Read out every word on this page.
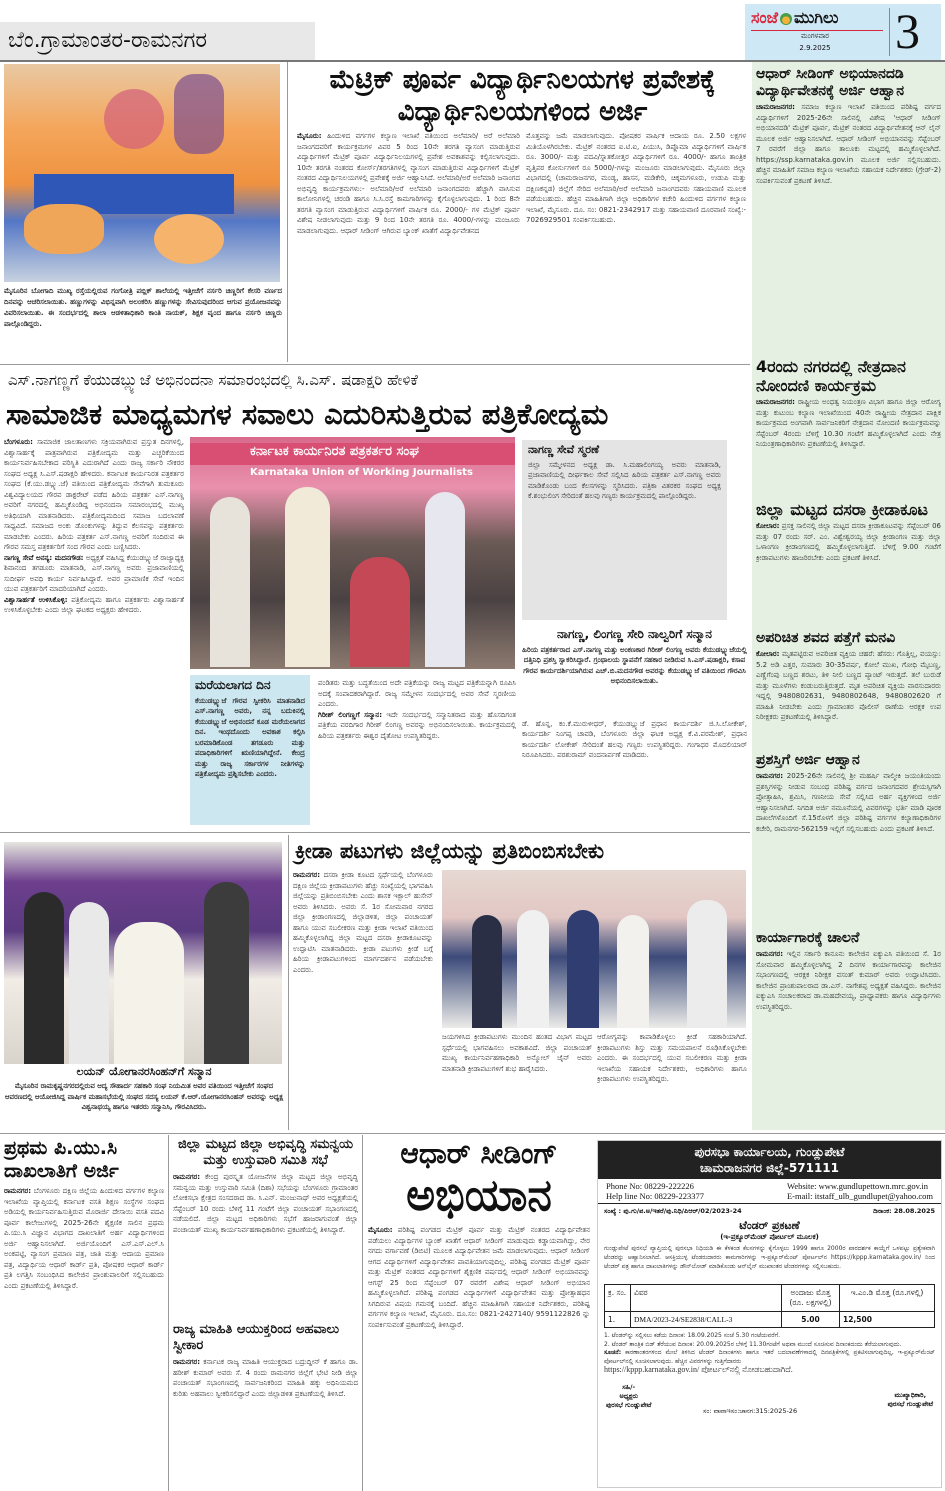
ಬೆಂ.ಗ್ರಾಮಾಂತರ-ರಾಮನಗರ
ಸಂಜೆ ಮುಗಿಲು
ಮಂಗಳವಾರ
2.9.2025	3
ಮೈಸೂರಿನ ಬೋಗಾದಿ ಮುಖ್ಯ ರಸ್ತೆಯಲ್ಲಿರುವ ಗಂಗೋತ್ರಿ ಪಬ್ಲಿಕ್ ಶಾಲೆಯಲ್ಲಿ ಇತ್ತೀಚೆಗೆ ನರ್ಸರಿ ಚಿಣ್ಣರಿಗೆ ಕೇಸರಿ ವರ್ಣದ ದಿನವನ್ನು ಆಚರಿಸಲಾಯಿತು. ಹಣ್ಣುಗಳನ್ನು ವಿಭಿನ್ನವಾಗಿ ಅಲಂಕರಿಸಿ ಹಣ್ಣುಗಳನ್ನು ಸೇವಿಸುವುದರಿಂದ ಆಗುವ ಪ್ರಯೋಜನವನ್ನು ವಿವರಿಸಲಾಯಿತು. ಈ ಸಂದರ್ಭದಲ್ಲಿ ಶಾಲಾ ಆಡಳಿತಾಧಿಕಾರಿ ಕಾಂತಿ ನಾಯಕ್, ಶಿಕ್ಷಕ ವೃಂದ ಹಾಗೂ ನರ್ಸರಿ ಚಿಣ್ಣರು ಪಾಲ್ಗೊಂಡಿದ್ದರು.
ಮೆಟ್ರಿಕ್ ಪೂರ್ವ ವಿದ್ಯಾರ್ಥಿನಿಲಯಗಳ ಪ್ರವೇಶಕ್ಕೆ ವಿದ್ಯಾರ್ಥಿನಿಲಯಗಳಿಂದ ಅರ್ಜಿ
ಮೈಸೂರು: ಹಿಂದುಳಿದ ವರ್ಗಗಳ ಕಲ್ಯಾಣ ಇಲಾಖೆ ವತಿಯಿಂದ ಅಲೆಮಾರಿ/ ಅರೆ ಅಲೆಮಾರಿ ಜನಾಂಗದವರಿಗೆ ಕಾರ್ಯಕ್ರಮಗಳ ವಿವರ 5 ರಿಂದ 10ನೇ ತರಗತಿ ವ್ಯಾಸಂಗ ಮಾಡುತ್ತಿರುವ ವಿದ್ಯಾರ್ಥಿಗಳಿಗೆ ಮೆಟ್ರಿಕ್ ಪೂರ್ವ ವಿದ್ಯಾರ್ಥಿನಿಲಯಗಳಲ್ಲಿ ಪ್ರವೇಶ ಅವಕಾಶವನ್ನು ಕಲ್ಪಿಸಲಾಗುವುದು. 10ನೇ ತರಗತಿ ನಂತರದ ಕೋರ್ಸ್/ತರಗತಿಗಳಲ್ಲಿ ವ್ಯಾಸಂಗ ಮಾಡುತ್ತಿರುವ ವಿದ್ಯಾರ್ಥಿಗಳಿಗೆ ಮೆಟ್ರಿಕ್ ನಂತರದ ವಿದ್ಯಾರ್ಥಿನಿಲಯಗಳಲ್ಲಿ ಪ್ರವೇಶಕ್ಕೆ ಅರ್ಜಿ ಆಹ್ವಾನಿಸಿದೆ. ಅಲೆಮಾರಿ/ಅರೆ ಅಲೆಮಾರಿ ಜನಾಂಗದ ಅಭಿವೃದ್ಧಿ ಕಾರ್ಯಕ್ರಮಗಳು:- ಅಲೆಮಾರಿ/ಅರೆ ಅಲೆಮಾರಿ ಜನಾಂಗದವರು ಹೆಚ್ಚಾಗಿ ವಾಸಿಸುವ ಕಾಲೋನಿಗಳಲ್ಲಿ ಚರಂಡಿ ಹಾಗೂ ಸಿ.ಸಿ.ರಸ್ತೆ ಕಾಮಗಾರಿಗಳನ್ನು ಕೈಗೊಳ್ಳಲಾಗುವುದು. 1 ರಿಂದ 8ನೇ ತರಗತಿ ವ್ಯಾಸಂಗ ಮಾಡುತ್ತಿರುವ ವಿದ್ಯಾರ್ಥಿಗಳಿಗೆ ವಾರ್ಷಿಕ ರೂ. 2000/- ಗಳ ಮೆಟ್ರಿಕ್ ಪೂರ್ವ ವಿಶೇಷ ನೀಡಲಾಗುವುದು ಮತ್ತು 9 ರಿಂದ 10ನೇ ತರಗತಿ ರೂ. 4000/-ಗಳನ್ನು ಮಂಜೂರು ಮಾಡಲಾಗುವುದು. ಆಧಾರ್ ಸೀಡಿಂಗ್ ಆಗಿರುವ ಬ್ಯಾಂಕ್ ಖಾತೆಗೆ ವಿದ್ಯಾರ್ಥಿವೇತನದ
ಮೊತ್ತವನ್ನು ಜಮೆ ಮಾಡಲಾಗುವುದು. ಪೋಷಕರ ವಾರ್ಷಿಕ ಆದಾಯ ರೂ. 2.50 ಲಕ್ಷಗಳ ಮಿತಿಯೊಳಗಿರಬೇಕು. ಮೆಟ್ರಿಕ್ ನಂತರದ ಐ.ಟಿ.ಐ, ಪಿಯುಸಿ, ಡಿಪ್ಲೊಮಾ ವಿದ್ಯಾರ್ಥಿಗಳಿಗೆ ವಾರ್ಷಿಕ ರೂ. 3000/- ಮತ್ತು ಪದವಿ/ಸ್ನಾತಕೋತ್ತರ ವಿದ್ಯಾರ್ಥಿಗಳಿಗೆ ರೂ. 4000/- ಹಾಗೂ ತಾಂತ್ರಿಕ ವೃತ್ತಿಪರ ಕೋರ್ಸುಗಳಿಗೆ ರೂ 5000/-ಗಳನ್ನು ಮಂಜೂರು ಮಾಡಲಾಗುವುದು. ಮೈಸೂರು ಜಿಲ್ಲಾ ವಿಭಾಗದಲ್ಲಿ (ಚಾಮರಾಜನಗರ, ಮಂಡ್ಯ, ಹಾಸನ, ಮಡಿಕೇರಿ, ಚಿಕ್ಕಮಗಳೂರು, ಉಡುಪಿ ಮತ್ತು ದಕ್ಷಿಣಕನ್ನಡ) ಜಿಲ್ಲೆಗೆ ಸೇರಿದ ಅಲೆಮಾರಿ/ಅರೆ ಅಲೆಮಾರಿ ಜನಾಂಗದವರು ಸಹಾಯವಾಣಿ ಮೂಲಕ ಪಡೆಯಬಹುದು. ಹೆಚ್ಚಿನ ಮಾಹಿತಿಗಾಗಿ ಜಿಲ್ಲಾ ಅಧಿಕಾರಿಗಳ ಕಚೇರಿ ಹಿಂದುಳಿದ ವರ್ಗಗಳ ಕಲ್ಯಾಣ ಇಲಾಖೆ, ಮೈಸೂರು. ದೂ. ಸಂ: 0821-2342917 ಮತ್ತು ಸಹಾಯವಾಣಿ ದೂರವಾಣಿ ಸಂಖ್ಯೆ:- 7026929501 ಸಂಪರ್ಕಿಸಬಹುದು.
ಆಧಾರ್ ಸೀಡಿಂಗ್ ಅಭಿಯಾನದಡಿ ವಿದ್ಯಾರ್ಥಿವೇತನಕ್ಕೆ ಅರ್ಜಿ ಆಹ್ವಾನ
ಚಾಮರಾಜನಗರ: ಸಮಾಜ ಕಲ್ಯಾಣ ಇಲಾಖೆ ವತಿಯಿಂದ ಪರಿಶಿಷ್ಟ ವರ್ಗದ ವಿದ್ಯಾರ್ಥಿಗಳಿಗೆ 2025-26ನೇ ಸಾಲಿನಲ್ಲಿ ವಿಶೇಷ 'ಆಧಾರ್ ಸೀಡಿಂಗ್ ಅಭಿಯಾನದಡಿ' ಮೆಟ್ರಿಕ್ ಪೂರ್ವ, ಮೆಟ್ರಿಕ್ ನಂತರದ ವಿದ್ಯಾರ್ಥಿವೇತನಕ್ಕೆ ಆನ್ ಲೈನ್ ಮೂಲಕ ಅರ್ಜಿ ಆಹ್ವಾನಿಸಲಾಗಿದೆ. ಆಧಾರ್ ಸೀಡಿಂಗ್ ಅಭಿಯಾನವನ್ನು ಸೆಪ್ಟೆಂಬರ್ 7 ರವರೆಗೆ ಜಿಲ್ಲಾ ಹಾಗೂ ತಾಲೂಕು ಮಟ್ಟದಲ್ಲಿ ಹಮ್ಮಿಕೊಳ್ಳಲಾಗಿದೆ. https://ssp.karnataka.gov.in ಮೂಲಕ ಅರ್ಜಿ ಸಲ್ಲಿಸಬಹುದು. ಹೆಚ್ಚಿನ ಮಾಹಿತಿಗೆ ಸಮಾಜ ಕಲ್ಯಾಣ ಇಲಾಖೆಯ ಸಹಾಯಕ ನಿರ್ದೇಶಕರು (ಗ್ರೇಡ್-2) ಸಂಪರ್ಕಿಸುವಂತೆ ಪ್ರಕಟಣೆ ತಿಳಿಸಿದೆ.
4ರಂದು ನಗರದಲ್ಲಿ ನೇತ್ರದಾನ ನೋಂದಣಿ ಕಾರ್ಯಕ್ರಮ
ಚಾಮರಾಜನಗರ: ರಾಷ್ಟ್ರೀಯ ಅಂಧತ್ವ ನಿಯಂತ್ರಣ ವಿಭಾಗ ಹಾಗೂ ಜಿಲ್ಲಾ ಆರೋಗ್ಯ ಮತ್ತು ಕುಟುಂಬ ಕಲ್ಯಾಣ ಇಲಾಖೆಯಿಂದ 40ನೇ ರಾಷ್ಟ್ರೀಯ ನೇತ್ರದಾನ ಪಾಕ್ಷಿಕ ಕಾರ್ಯಕ್ರಮದ ಅಂಗವಾಗಿ ಸಾರ್ವಜನಿಕರಿಗೆ ನೇತ್ರದಾನ ನೋಂದಣಿ ಕಾರ್ಯಕ್ರಮವನ್ನು ಸೆಪ್ಟೆಂಬರ್ 4ರಂದು ಬೆಳಿಗ್ಗೆ 10.30 ಗಂಟೆಗೆ ಹಮ್ಮಿಕೊಳ್ಳಲಾಗಿದೆ ಎಂದು ನೇತ್ರ ನಿಯಂತ್ರಣಾಧಿಕಾರಿಗಳು ಪ್ರಕಟಣೆಯಲ್ಲಿ ತಿಳಿಸಿದ್ದಾರೆ.
ಜಿಲ್ಲಾ ಮಟ್ಟದ ದಸರಾ ಕ್ರೀಡಾಕೂಟ
ಕೋಲಾರ: ಪ್ರಸಕ್ತ ಸಾಲಿನಲ್ಲಿ ಜಿಲ್ಲಾ ಮಟ್ಟದ ದಸರಾ ಕ್ರೀಡಾಕೂಟವನ್ನು ಸೆಪ್ಟೆಂಬರ್ 06 ಮತ್ತು 07 ರಂದು ಸರ್. ಎಂ. ವಿಶ್ವೇಶ್ವರಯ್ಯ ಜಿಲ್ಲಾ ಕ್ರೀಡಾಂಗಣ ಮತ್ತು ಜಿಲ್ಲಾ ಒಳಾಂಗಣ ಕ್ರೀಡಾಂಗಣದಲ್ಲಿ ಹಮ್ಮಿಕೊಳ್ಳಲಾಗುತ್ತಿದೆ. ಬೆಳಿಗ್ಗೆ 9.00 ಗಂಟೆಗೆ ಕ್ರೀಡಾಪಟುಗಳು ಹಾಜರಿರಬೇಕು ಎಂದು ಪ್ರಕಟಣೆ ತಿಳಿಸಿದೆ.
ಅಪರಿಚಿತ ಶವದ ಪತ್ತೆಗೆ ಮನವಿ
ಕೋಲಾರ: ಮೃತಪಟ್ಟಿರುವ ಅಪರಿಚಿತ ವ್ಯಕ್ತಿಯ ಚಹರೆ: ಹೆಸರು: ಗೊತ್ತಿಲ್ಲ, ವಯಸ್ಸು: 5.2 ಅಡಿ ಎತ್ತರ, ಸುಮಾರು 30-35ವರ್ಷ, ಕೋಲೆ ಮುಖ, ಗೋಧಿ ಮೈಬಣ್ಣ, ಎಣ್ಣೆಗೆಂಪು ಬಣ್ಣದ ಶರಟು, ತಿಳಿ ನೀಲಿ ಬಣ್ಣದ ಪ್ಯಾಂಟ್ ಇರುತ್ತದೆ. ತಲೆ ಬುರುಡೆ ಮತ್ತು ಮೂಳೆಗಳು ಕಂಡುಬರುತ್ತಿರುತ್ತದೆ. ಮೃತ ಅಪರಿಚಿತ ವ್ಯಕ್ತಿಯ ವಾರಸುದಾರರು ಇದ್ದಲ್ಲಿ 9480802631, 9480802648, 9480802620 ಗೆ ಮಾಹಿತಿ ನೀಡಬೇಕು ಎಂದು ಗ್ರಾಮಾಂತರ ಪೊಲೀಸ್ ಠಾಣೆಯ ಆರಕ್ಷಕ ಉಪ ನಿರೀಕ್ಷಕರು ಪ್ರಕಟಣೆಯಲ್ಲಿ ತಿಳಿಸಿದ್ದಾರೆ.
ಪ್ರಶಸ್ತಿಗೆ ಅರ್ಜಿ ಆಹ್ವಾನ
ರಾಮನಗರ: 2025-26ನೇ ಸಾಲಿನಲ್ಲಿ ಶ್ರೀ ಮಹರ್ಷಿ ವಾಲ್ಮೀಕಿ ಜಯಂತಿಯಂದು ಪ್ರಶಸ್ತಿಗಳನ್ನು ನೀಡುವ ಸಂಬಂಧ ಪರಿಶಿಷ್ಟ ವರ್ಗದ ಜನಾಂಗದವರ ಶ್ರೇಯಸ್ಸಿಗಾಗಿ ಪ್ರೋತ್ಸಾಹಿಸಿ, ಶ್ರಮಿಸಿ, ಗಣನೀಯ ಸೇವೆ ಸಲ್ಲಿಸಿದ ಅರ್ಹ ವ್ಯಕ್ತಿಗಳಿಂದ ಅರ್ಜಿ ಆಹ್ವಾನಿಸಲಾಗಿದೆ. ನಿಗದಿತ ಅರ್ಜಿ ನಮೂನೆಯಲ್ಲಿ ವಿವರಗಳನ್ನು ಭರ್ತಿ ಮಾಡಿ ಪೂರಕ ದಾಖಲೆಗಳೊಂದಿಗೆ ಸೆ.15ರೊಳಗೆ ಜಿಲ್ಲಾ ಪರಿಶಿಷ್ಟ ವರ್ಗಗಳ ಕಲ್ಯಾಣಾಧಿಕಾರಿಗಳ ಕಚೇರಿ, ರಾಮನಗರ-562159 ಇಲ್ಲಿಗೆ ಸಲ್ಲಿಸಬಹುದು ಎಂದು ಪ್ರಕಟಣೆ ತಿಳಿಸಿದೆ.
ಕಾರ್ಯಾಗಾರಕ್ಕೆ ಚಾಲನೆ
ರಾಮನಗರ: ಇಲ್ಲಿನ ಸರ್ಕಾರಿ ಕಾನೂನು ಕಾಲೇಜಿನ ಐಕ್ಯುಎಸಿ ವತಿಯಿಂದ ಸೆ. 1ರ ಸೋಮವಾರ ಹಮ್ಮಿಕೊಳ್ಳಲಾಗಿದ್ದ 2 ದಿನಗಳ ಕಾರ್ಯಾಗಾರವನ್ನು ಕಾಲೇಜಿನ ಸಭಾಂಗಣದಲ್ಲಿ ಆರಕ್ಷಕ ನಿರೀಕ್ಷಕ ವಸಂತ್ ಕುಮಾರ್ ಅವರು ಉದ್ಘಾಟಿಸಿದರು. ಕಾಲೇಜಿನ ಪ್ರಾಂಶುಪಾಲರಾದ ಡಾ.ಎಸ್. ನಾಗೇಶಪ್ಪ ಅಧ್ಯಕ್ಷತೆ ವಹಿಸಿದ್ದರು. ಕಾಲೇಜಿನ ಐಕ್ಯುಎಸಿ ಸಂಚಾಲಕರಾದ ಡಾ.ಮಹದೇವಯ್ಯ, ಪ್ರಾಧ್ಯಾಪಕರು ಹಾಗೂ ವಿದ್ಯಾರ್ಥಿಗಳು ಉಪಸ್ಥಿತರಿದ್ದರು.
ಎಸ್.ನಾಗಣ್ಣಗೆ ಕೆಯುಡಬ್ಲ್ಯುಜೆ ಅಭಿನಂದನಾ ಸಮಾರಂಭದಲ್ಲಿ ಸಿ.ಎಸ್. ಷಡಾಕ್ಷರಿ ಹೇಳಿಕೆ
ಸಾಮಾಜಿಕ ಮಾಧ್ಯಮಗಳ ಸವಾಲು ಎದುರಿಸುತ್ತಿರುವ ಪತ್ರಿಕೋದ್ಯಮ
ಬೆಂಗಳೂರು: ಸಾಮಾಜಿಕ ಜಾಲತಾಣಗಳು ಸಕ್ರಿಯವಾಗಿರುವ ಪ್ರಸ್ತುತ ದಿನಗಳಲ್ಲಿ, ವಿಶ್ವಾಸಾರ್ಹಕ್ಕೆ ಪಾತ್ರವಾಗಿರುವ ಪತ್ರಿಕೋದ್ಯಮ ಮತ್ತು ಎಚ್ಚರಿಕೆಯಿಂದ ಕಾರ್ಯನಿರ್ವಹಿಸಬೇಕಾದ ಪರಿಸ್ಥಿತಿ ಎದುರಾಗಿದೆ ಎಂದು ರಾಜ್ಯ ಸರ್ಕಾರಿ ನೌಕರರ ಸಂಘದ ಅಧ್ಯಕ್ಷ ಸಿ.ಎಸ್.ಷಡಾಕ್ಷರಿ ಹೇಳಿದರು. ಕರ್ನಾಟಕ ಕಾರ್ಯನಿರತ ಪತ್ರಕರ್ತರ ಸಂಘದ (ಕೆ.ಯು.ಡಬ್ಲ್ಯು.ಜೆ) ವತಿಯಿಂದ ಪತ್ರಿಕೋದ್ಯಮ ಸೇವೆಗಾಗಿ ತುಮಕೂರು ವಿಶ್ವವಿದ್ಯಾಲಯದ ಗೌರವ ಡಾಕ್ಟರೇಟ್ ಪಡೆದ ಹಿರಿಯ ಪತ್ರಕರ್ತ ಎಸ್.ನಾಗಣ್ಣ ಅವರಿಗೆ ನಗರದಲ್ಲಿ ಹಮ್ಮಿಕೊಂಡಿದ್ದ ಅಭಿನಂದನಾ ಸಮಾರಂಭದಲ್ಲಿ ಮುಖ್ಯ ಅತಿಥಿಯಾಗಿ ಮಾತನಾಡಿದರು. ಪತ್ರಿಕೋದ್ಯಮದಿಂದ ಸಮಾಜ ಬದಲಾವಣೆ ಸಾಧ್ಯವಿದೆ. ಸಮಾಜದ ಅಂಕು ಡೊಂಕುಗಳನ್ನು ತಿದ್ದುವ ಕೆಲಸವನ್ನು ಪತ್ರಕರ್ತರು ಮಾಡಬೇಕು ಎಂದರು. ಹಿರಿಯ ಪತ್ರಕರ್ತ ಎಸ್.ನಾಗಣ್ಣ ಅವರಿಗೆ ಸಂದಿರುವ ಈ ಗೌರವ ಸಮಸ್ತ ಪತ್ರಕರ್ತರಿಗೆ ಸಂದ ಗೌರವ ಎಂದು ಬಣ್ಣಿಸಿದರು.
ನಾಗಣ್ಣ ಸೇವೆ ಅನನ್ಯ: ಮದನಗೌಡ: ಅಧ್ಯಕ್ಷತೆ ವಹಿಸಿದ್ದ ಕೆಯುಡಬ್ಲ್ಯುಜೆ ರಾಜ್ಯಾಧ್ಯಕ್ಷ ಶಿವಾನಂದ ತಗಡೂರು ಮಾತನಾಡಿ, ಎಸ್.ನಾಗಣ್ಣ ಅವರು ಪ್ರಜಾವಾಣಿಯಲ್ಲಿ ಸುದೀರ್ಘ ಅವಧಿ ಕಾರ್ಯ ನಿರ್ವಹಿಸಿದ್ದಾರೆ. ಅವರ ಪ್ರಾಮಾಣಿಕ ಸೇವೆ ಇಂದಿನ ಯುವ ಪತ್ರಕರ್ತರಿಗೆ ಮಾದರಿಯಾಗಿದೆ ಎಂದರು.
ವಿಶ್ವಾಸಾರ್ಹತೆ ಉಳಿಸಿಕೊಳ್ಳಿ: ಪತ್ರಿಕೋದ್ಯಮ ಹಾಗೂ ಪತ್ರಕರ್ತರು ವಿಶ್ವಾಸಾರ್ಹತೆ ಉಳಿಸಿಕೊಳ್ಳಬೇಕು ಎಂದು ಜಿಲ್ಲಾ ಘಟಕದ ಅಧ್ಯಕ್ಷರು ಹೇಳಿದರು.
ಕರ್ನಾಟಕ ಕಾರ್ಯನಿರತ ಪತ್ರಕರ್ತರ ಸಂಘ
Karnataka Union of Working Journalists
ನಾಗಣ್ಣ ಸೇವೆ ಸ್ಮರಣೆ
ಜಿಲ್ಲಾ ಸಮ್ಮೇಳನದ ಅಧ್ಯಕ್ಷ ಡಾ. ಸಿ.ಮಹಾಲಿಂಗಯ್ಯ ಅವರು ಮಾತನಾಡಿ, ಪ್ರಜಾವಾಣಿಯಲ್ಲಿ ದೀರ್ಘಕಾಲ ಸೇವೆ ಸಲ್ಲಿಸಿದ ಹಿರಿಯ ಪತ್ರಕರ್ತ ಎಸ್.ನಾಗಣ್ಣ ಅವರು ಮಾಡಿಕೊಂಡು ಬಂದ ಕೆಲಸಗಳನ್ನು ಸ್ಮರಿಸಿದರು. ಪತ್ರಿಕಾ ವಿತರಕರ ಸಂಘದ ಅಧ್ಯಕ್ಷ ಕೆ.ಶಂಭುಲಿಂಗ ಸೇರಿದಂತೆ ಹಲವು ಗಣ್ಯರು ಕಾರ್ಯಕ್ರಮದಲ್ಲಿ ಪಾಲ್ಗೊಂಡಿದ್ದರು.
ನಾಗಣ್ಣ, ಲಿಂಗಣ್ಣ ಸೇರಿ ನಾಲ್ವರಿಗೆ ಸನ್ಮಾನ
ಹಿರಿಯ ಪತ್ರಕರ್ತರಾದ ಎಸ್.ನಾಗಣ್ಣ ಮತ್ತು ಅಂಕಣಕಾರ ಗಿರೀಶ್ ಲಿಂಗಣ್ಣ ಅವರು ಕೆಯುಡಬ್ಲ್ಯುಜೆಯಲ್ಲಿ ದತ್ತಿನಿಧಿ ಪ್ರಶಸ್ತಿ ಸ್ವಾಕರಿಸಿದ್ದಾರೆ. ಗ್ರಂಥಾಲಯ ಸ್ಥಾಪನೆಗೆ ಸಹಕಾರ ನೀಡಿರುವ ಸಿ.ಎಸ್.ಷಡಾಕ್ಷರಿ, ಕಸಾಪ ಗೌರವ ಕಾರ್ಯದರ್ಶಿಯಾಗಿರುವ ಎಚ್.ಬಿ.ಮದನಗೌಡ ಅವರನ್ನು ಕೆಯುಡಬ್ಲ್ಯುಜೆ ವತಿಯಿಂದ ಗೌರವಿಸಿ ಅಭಿನಂದಿಸಲಾಯಿತು.
ಡೆ. ಹೊನ್ನ, ಕಂ.ಕೆ.ಮುರುಳೀಧರ್, ಕೆಯುಡಬ್ಲ್ಯುಜೆ ಪ್ರಧಾನ ಕಾರ್ಯದರ್ಶಿ ಜಿ.ಸಿ.ಲೋಕೇಶ್, ಕಾರ್ಯದರ್ಶಿ ನಿಂಗಪ್ಪ ಚಾವಡಿ, ಬೆಂಗಳೂರು ಜಿಲ್ಲಾ ಘಟಕ ಅಧ್ಯಕ್ಷ ಕೆ.ವಿ.ಪರಮೇಶ್, ಪ್ರಧಾನ ಕಾರ್ಯದರ್ಶಿ ಲೋಕೇಶ್ ಸೇರಿದಂತೆ ಹಲವು ಗಣ್ಯರು ಉಪಸ್ಥಿತರಿದ್ದರು. ಗಂಗಾಧರ ಮೊದಲಿಯಾರ್ ನಿರೂಪಿಸಿದರು. ಪರಶುರಾಮ್ ವಂದನಾರ್ಪಣೆ ಮಾಡಿದರು.
ಮರೆಯಲಾಗದ ದಿನ
ಕೆಯುಡಬ್ಲ್ಯುಜೆ ಗೌರವ ಸ್ವೀಕರಿಸಿ ಮಾತನಾಡಿದ ಎಸ್.ನಾಗಣ್ಣ ಅವರು, ನನ್ನ ಬದುಕಿನಲ್ಲಿ ಕೆಯುಡಬ್ಲ್ಯುಜೆ ಅಭಿನಂದನೆ ಕೂಡ ಮರೆಯಲಾಗದ ದಿನ. ಇಂಥದೊಂದು ಅವಕಾಶ ಕಲ್ಪಿಸಿ ಬರಮಾಡಿಕೊಂಡ ತಗಡೂರು ಮತ್ತು ಪದಾಧಿಕಾರಿಗಳಿಗೆ ಋಣಿಯಾಗಿದ್ದೇನೆ. ಕೇಂದ್ರ ಮತ್ತು ರಾಜ್ಯ ಸರ್ಕಾರಗಳ ನೀತಿಗಳನ್ನು ಪತ್ರಿಕೋದ್ಯಮ ಪ್ರಶ್ನಿಸಬೇಕು ಎಂದರು.
ಪಂಡಿತರು ಮತ್ತು ಬದ್ಧತೆಯಿಂದ ಅದೇ ಪತ್ರಿಕೆಯನ್ನು ರಾಜ್ಯ ಮಟ್ಟದ ಪತ್ರಿಕೆಯನ್ನಾಗಿ ರೂಪಿಸಿ ಅದಕ್ಕೆ ಸಂಪಾದಕರಾಗಿದ್ದಾರೆ. ರಾಜ್ಯ ಸಮ್ಮೇಳನ ಸಂದರ್ಭದಲ್ಲಿ ಅವರ ಸೇವೆ ಸ್ಮರಣೀಯ ಎಂದರು.
ಗಿರೀಶ್ ಲಿಂಗಣ್ಣಗೆ ಸನ್ಮಾನ: ಇದೇ ಸಂದರ್ಭದಲ್ಲಿ ಸನ್ಮಾನಿತರಾದ ಮತ್ತು ಹೊಸದಿಗಂತ ಪತ್ರಿಕೆಯ ವರದಿಗಾರ ಗಿರೀಶ್ ಲಿಂಗಣ್ಣ ಅವರನ್ನು ಅಭಿನಂದಿಸಲಾಯಿತು. ಕಾರ್ಯಕ್ರಮದಲ್ಲಿ ಹಿರಿಯ ಪತ್ರಕರ್ತರು ಈಶ್ವರ ದೈತೋಟ ಉಪಸ್ಥಿತರಿದ್ದರು.
ಲಯನ್ ಯೋಗಾನರಸಿಂಹನ್‌ಗೆ ಸನ್ಮಾನ
ಮೈಸೂರಿನ ರಾಮಕೃಷ್ಣನಗರದಲ್ಲಿರುವ ಆದ್ಯ ಸೌಹಾರ್ದ ಸಹಕಾರಿ ಸಂಘ ನಿಯಮಿತ ಅವರ ವತಿಯಿಂದ ಇತ್ತೀಚೆಗೆ ಸಂಘದ ಆವರಣದಲ್ಲಿ ಆಯೋಜಿಸಿದ್ದ ವಾರ್ಷಿಕ ಮಹಾಸಭೆಯಲ್ಲಿ ಸಂಘದ ಸದಸ್ಯ ಲಯನ್ ಕೆ.ಆರ್.ಯೋಗಾನರಸಿಂಹನ್ ಅವರನ್ನು ಅಧ್ಯಕ್ಷ ವಿಶ್ವನಾಥಯ್ಯ ಹಾಗೂ ಇತರರು ಸನ್ಮಾನಿಸಿ, ಗೌರವಿಸಿದರು.
ಕ್ರೀಡಾ ಪಟುಗಳು ಜಿಲ್ಲೆಯನ್ನು ಪ್ರತಿಬಿಂಬಿಸಬೇಕು
ರಾಮನಗರ: ದಸರಾ ಕ್ರೀಡಾ ಕೂಟದ ಸ್ಪರ್ಧೆಯಲ್ಲಿ ಬೆಂಗಳೂರು ದಕ್ಷಿಣ ಜಿಲ್ಲೆಯ ಕ್ರೀಡಾಪಟುಗಳು ಹೆಚ್ಚು ಸಂಖ್ಯೆಯಲ್ಲಿ ಭಾಗವಹಿಸಿ ಜಿಲ್ಲೆಯನ್ನು ಪ್ರತಿಬಿಂಬಿಸಬೇಕು ಎಂದು ಶಾಸಕ ಇಕ್ಬಾಲ್ ಹುಸೇನ್ ಅವರು ತಿಳಿಸಿದರು. ಅವರು ಸೆ. 1ರ ಸೋಮವಾರ ನಗರದ ಜಿಲ್ಲಾ ಕ್ರೀಡಾಂಗಣದಲ್ಲಿ ಜಿಲ್ಲಾಡಳಿತ, ಜಿಲ್ಲಾ ಪಂಚಾಯತ್ ಹಾಗೂ ಯುವ ಸಬಲೀಕರಣ ಮತ್ತು ಕ್ರೀಡಾ ಇಲಾಖೆ ವತಿಯಿಂದ ಹಮ್ಮಿಕೊಳ್ಳಲಾಗಿದ್ದ ಜಿಲ್ಲಾ ಮಟ್ಟದ ದಸರಾ ಕ್ರೀಡಾಕೂಟವನ್ನು ಉದ್ಘಾಟಿಸಿ ಮಾತನಾಡಿದರು. ಕ್ರೀಡಾ ಪಟುಗಳು ಕ್ರೀಡೆ ಬಗ್ಗೆ ಹಿರಿಯ ಕ್ರೀಡಾಪಟುಗಳಿಂದ ಮಾರ್ಗದರ್ಶನ ಪಡೆಯಬೇಕು ಎಂದರು.
ಜಯಗಳಿಸಿದ ಕ್ರೀಡಾಪಟುಗಳು ಮುಂದಿನ ಹಂತದ ವಿಭಾಗ ಮಟ್ಟದ ಸ್ಪರ್ಧೆಯಲ್ಲಿ ಭಾಗವಹಿಸಲು ಅವಕಾಶವಿದೆ. ಜಿಲ್ಲಾ ಪಂಚಾಯತ್ ಮುಖ್ಯ ಕಾರ್ಯನಿರ್ವಹಣಾಧಿಕಾರಿ ಅನ್ಮೋಲ್ ಜೈನ್ ಅವರು ಮಾತನಾಡಿ ಕ್ರೀಡಾಪಟುಗಳಿಗೆ ಶುಭ ಹಾರೈಸಿದರು.
ಆರೋಗ್ಯವನ್ನು ಕಾಪಾಡಿಕೊಳ್ಳಲು ಕ್ರೀಡೆ ಸಹಕಾರಿಯಾಗಿದೆ. ಕ್ರೀಡಾಪಟುಗಳು ಶಿಸ್ತು ಮತ್ತು ಸಮಯಪಾಲನೆ ರೂಢಿಸಿಕೊಳ್ಳಬೇಕು ಎಂದರು. ಈ ಸಂದರ್ಭದಲ್ಲಿ ಯುವ ಸಬಲೀಕರಣ ಮತ್ತು ಕ್ರೀಡಾ ಇಲಾಖೆಯ ಸಹಾಯಕ ನಿರ್ದೇಶಕರು, ಅಧಿಕಾರಿಗಳು ಹಾಗೂ ಕ್ರೀಡಾಪಟುಗಳು ಉಪಸ್ಥಿತರಿದ್ದರು.
ಪ್ರಥಮ ಪಿ.ಯು.ಸಿ ದಾಖಲಾತಿಗೆ ಅರ್ಜಿ
ರಾಮನಗರ: ಬೆಂಗಳೂರು ದಕ್ಷಿಣ ಜಿಲ್ಲೆಯ ಹಿಂದುಳಿದ ವರ್ಗಗಳ ಕಲ್ಯಾಣ ಇಲಾಖೆಯ ವ್ಯಾಪ್ತಿಯಲ್ಲಿ ಕರ್ನಾಟಕ ವಸತಿ ಶಿಕ್ಷಣ ಸಂಸ್ಥೆಗಳ ಸಂಘದ ಅಡಿಯಲ್ಲಿ ಕಾರ್ಯನಿರ್ವಹಿಸುತ್ತಿರುವ ಮೊರಾರ್ಜಿ ದೇಸಾಯಿ ವಸತಿ ಪದವಿ ಪೂರ್ವ ಕಾಲೇಜುಗಳಲ್ಲಿ 2025-26ನೇ ಶೈಕ್ಷಣಿಕ ಸಾಲಿನ ಪ್ರಥಮ ಪಿ.ಯು.ಸಿ ವಿಜ್ಞಾನ ವಿಭಾಗದ ದಾಖಲಾತಿಗೆ ಅರ್ಹ ವಿದ್ಯಾರ್ಥಿಗಳಿಂದ ಅರ್ಜಿ ಆಹ್ವಾನಿಸಲಾಗಿದೆ. ಅರ್ಜಿಯೊಂದಿಗೆ ಎಸ್.ಎಸ್.ಎಲ್.ಸಿ ಅಂಕಪಟ್ಟಿ, ವ್ಯಾಸಂಗ ಪ್ರಮಾಣ ಪತ್ರ, ಜಾತಿ ಮತ್ತು ಆದಾಯ ಪ್ರಮಾಣ ಪತ್ರ, ವಿದ್ಯಾರ್ಥಿಯ ಆಧಾರ್ ಕಾರ್ಡ್ ಪ್ರತಿ, ಪೋಷಕರ ಆಧಾರ್ ಕಾರ್ಡ್ ಪ್ರತಿ ಲಗತ್ತಿಸಿ ಸಂಬಂಧಿಸಿದ ಕಾಲೇಜಿನ ಪ್ರಾಂಶುಪಾಲರಿಗೆ ಸಲ್ಲಿಸಬಹುದು ಎಂದು ಪ್ರಕಟಣೆಯಲ್ಲಿ ತಿಳಿಸಿದ್ದಾರೆ.
ಜಿಲ್ಲಾ ಮಟ್ಟದ ಜಿಲ್ಲಾ ಅಭಿವೃದ್ಧಿ ಸಮನ್ವಯ ಮತ್ತು ಉಸ್ತುವಾರಿ ಸಮಿತಿ ಸಭೆ
ರಾಮನಗರ: ಕೇಂದ್ರ ಪುರಸ್ಕೃತ ಯೋಜನೆಗಳ ಜಿಲ್ಲಾ ಮಟ್ಟದ ಜಿಲ್ಲಾ ಅಭಿವೃದ್ಧಿ ಸಮನ್ವಯ ಮತ್ತು ಉಸ್ತುವಾರಿ ಸಮಿತಿ (ದಿಶಾ) ಸಭೆಯನ್ನು ಬೆಂಗಳೂರು ಗ್ರಾಮಾಂತರ ಲೋಕಸಭಾ ಕ್ಷೇತ್ರದ ಸಂಸದರಾದ ಡಾ. ಸಿ.ಎನ್. ಮಂಜುನಾಥ್ ಅವರ ಅಧ್ಯಕ್ಷತೆಯಲ್ಲಿ ಸೆಪ್ಟೆಂಬರ್ 10 ರಂದು ಬೆಳಿಗ್ಗೆ 11 ಗಂಟೆಗೆ ಜಿಲ್ಲಾ ಪಂಚಾಯತ್ ಸಭಾಂಗಣದಲ್ಲಿ ನಡೆಯಲಿದೆ. ಜಿಲ್ಲಾ ಮಟ್ಟದ ಅಧಿಕಾರಿಗಳು ಸಭೆಗೆ ಹಾಜರಾಗುವಂತೆ ಜಿಲ್ಲಾ ಪಂಚಾಯತ್ ಮುಖ್ಯ ಕಾರ್ಯನಿರ್ವಹಣಾಧಿಕಾರಿಗಳು ಪ್ರಕಟಣೆಯಲ್ಲಿ ತಿಳಿಸಿದ್ದಾರೆ.
ರಾಜ್ಯ ಮಾಹಿತಿ ಆಯುಕ್ತರಿಂದ ಅಹವಾಲು ಸ್ವೀಕಾರ
ರಾಮನಗರ: ಕರ್ನಾಟಕ ರಾಜ್ಯ ಮಾಹಿತಿ ಆಯುಕ್ತರಾದ ಬದ್ರುದ್ದೀನ್ ಕೆ ಹಾಗೂ ಡಾ. ಹರೀಶ್ ಕುಮಾರ್ ಅವರು ಸೆ. 4 ರಂದು ರಾಮನಗರ ಜಿಲ್ಲೆಗೆ ಭೇಟಿ ನೀಡಿ ಜಿಲ್ಲಾ ಪಂಚಾಯತ್ ಸಭಾಂಗಣದಲ್ಲಿ ಸಾರ್ವಜನಿಕರಿಂದ ಮಾಹಿತಿ ಹಕ್ಕು ಅಧಿನಿಯಮದ ಕುರಿತು ಅಹವಾಲು ಸ್ವೀಕರಿಸಲಿದ್ದಾರೆ ಎಂದು ಜಿಲ್ಲಾಡಳಿತ ಪ್ರಕಟಣೆಯಲ್ಲಿ ತಿಳಿಸಿದೆ.
ಆಧಾರ್ ಸೀಡಿಂಗ್
ಅಭಿಯಾನ
ಮೈಸೂರು: ಪರಿಶಿಷ್ಟ ಪಂಗಡದ ಮೆಟ್ರಿಕ್ ಪೂರ್ವ ಮತ್ತು ಮೆಟ್ರಿಕ್ ನಂತರದ ವಿದ್ಯಾರ್ಥಿವೇತನ ಪಡೆಯಲು ವಿದ್ಯಾರ್ಥಿಗಳ ಬ್ಯಾಂಕ್ ಖಾತೆಗೆ ಆಧಾರ್ ಸೀಡಿಂಗ್ ಮಾಡುವುದು ಕಡ್ಡಾಯವಾಗಿದ್ದು, ನೇರ ನಗದು ವರ್ಗಾವಣೆ (ಡಿಬಿಟಿ) ಮೂಲಕ ವಿದ್ಯಾರ್ಥಿವೇತನ ಜಮೆ ಮಾಡಲಾಗುವುದು. ಆಧಾರ್ ಸೀಡಿಂಗ್ ಆಗದ ವಿದ್ಯಾರ್ಥಿಗಳಿಗೆ ವಿದ್ಯಾರ್ಥಿವೇತನ ಪಾವತಿಯಾಗುವುದಿಲ್ಲ. ಪರಿಶಿಷ್ಟ ಪಂಗಡದ ಮೆಟ್ರಿಕ್ ಪೂರ್ವ ಮತ್ತು ಮೆಟ್ರಿಕ್ ನಂತರದ ವಿದ್ಯಾರ್ಥಿಗಳಿಗೆ ಶೈಕ್ಷಣಿಕ ವರ್ಷದಲ್ಲಿ ಆಧಾರ್ ಸೀಡಿಂಗ್ ಅಭಿಯಾನವನ್ನು ಆಗಸ್ಟ್ 25 ರಿಂದ ಸೆಪ್ಟೆಂಬರ್ 07 ರವರೆಗೆ ವಿಶೇಷ ಆಧಾರ್ ಸೀಡಿಂಗ್ ಅಭಿಯಾನ ಹಮ್ಮಿಕೊಳ್ಳಲಾಗಿದೆ. ಪರಿಶಿಷ್ಟ ಪಂಗಡದ ವಿದ್ಯಾರ್ಥಿಗಳಿಗೆ ವಿದ್ಯಾರ್ಥಿವೇತನ ಮತ್ತು ಪ್ರೋತ್ಸಾಹಧನ ಸಿಗದಿರುವ ವಿಷಯ ಗಮನಕ್ಕೆ ಬಂದಿದೆ. ಹೆಚ್ಚಿನ ಮಾಹಿತಿಗಾಗಿ ಸಹಾಯಕ ನಿರ್ದೇಶಕರು, ಪರಿಶಿಷ್ಟ ವರ್ಗಗಳ ಕಲ್ಯಾಣ ಇಲಾಖೆ, ಮೈಸೂರು. ದೂ.ಸಂ: 0821-2427140/ 9591122826 ನ್ನು ಸಂಪರ್ಕಿಸುವಂತೆ ಪ್ರಕಟಣೆಯಲ್ಲಿ ತಿಳಿಸಿದ್ದಾರೆ.
ಪುರಸಭಾ ಕಾರ್ಯಾಲಯ, ಗುಂಡ್ಲುಪೇಟೆ
ಚಾಮರಾಜನಗರ ಜಿಲ್ಲೆ-571111
Phone No: 08229-222226
Help line No: 08229-223377
Website: www.gundlupettown.mrc.gov.in
E-mail: itstaff_ulb_gundlupet@yahoo.com
ಸಂಖ್ಯೆ : ಪು.ಗು/ಪ.ಅ/ಇತರೆ/ಪು.ನಿಧಿ/ಪಿಆರ್/02/2023-24	ದಿನಾಂಕ: 28.08.2025
ಟೆಂಡರ್ ಪ್ರಕಟಣೆ
(ಇ-ಪ್ರಕ್ಯೂರ್‌ಮೆಂಟ್ ಪೋರ್ಟಲ್ ಮೂಲಕ)
ಗುಂಡ್ಲುಪೇಟೆ ಪುರಸಭೆ ವ್ಯಾಪ್ತಿಯಲ್ಲಿ ಪುರಸಭಾ ನಿಧಿಯಡಿ ಈ ಕೆಳಕಂಡ ಕೆಲಸಗಳನ್ನು ಕೈಗೊಳ್ಳಲು 1999 ಹಾಗೂ 2000ರ ಪಾರದರ್ಶಕ ಕಾಯ್ದೆಗೆ ಒಳಪಟ್ಟು ಪ್ರತ್ಯೇಕವಾಗಿ ಟೆಂಡರನ್ನು ಆಹ್ವಾನಿಸಲಾಗಿದೆ. ಆಸಕ್ತಿಯುಳ್ಳ ಟೆಂಡರುದಾರರು ಕಾಮಗಾರಿಗಳನ್ನು ಇ-ಪ್ರಕ್ಯೂರ್‌ಮೆಂಟ್ ಪೋರ್ಟಲ್‌ನ https://kppp.karnataka.gov.in/ ನಿಂದ ಟೆಂಡರ್ ಪತ್ರ ಹಾಗೂ ದಾಖಲಾತಿಗಳನ್ನು ಡೌನ್‌ಲೋಡ್ ಮಾಡಿಕೊಂಡು ಆನ್‌ಲೈನ್ ಮುಖಾಂತರ ಟೆಂಡರಗಳನ್ನು ಸಲ್ಲಿಸಬಹುದು.
ಕ್ರ. ಸಂ.	ವಿವರ	ಅಂದಾಜು ಮೊತ್ತ (ರೂ. ಲಕ್ಷಗಳಲ್ಲಿ)	ಇ.ಎಂ.ಡಿ ಮೊತ್ತ (ರೂ.ಗಳಲ್ಲಿ)
1.	DMA/2023-24/SE2838/CALL-3	5.00	12,500
1. ಟೆಂಡರ್‌ನ್ನು ಸಲ್ಲಿಸಲು ಕಡೆಯ ದಿನಾಂಕ: 18.09.2025 ಸಂಜೆ 5.30 ಗಂಟೆಯವರೆಗೆ.
2. ಟೆಂಡರ್ ತಾಂತ್ರಿಕ ಬಿಡ್ ತೆರೆಯುವ ದಿನಾಂಕ: 20.09.2025ರ ಬೆಳಿಗ್ಗೆ 11.30ಗಂಟೆಗೆ ಅಥವಾ ಮುಂದೆ ಸೂಚಿಸುವ ದಿನಾಂಕದಂದು ತೆರೆಯಲಾಗುವುದು.
ಸೂಚನೆ: ಕಾರಣಾಂತರಗಳಿಂದ ಮೇಲೆ ತಿಳಿಸಿದ ಟೆಂಡರ್ ದಿನಾಂಕಗಳು ಹಾಗೂ ಇತರೆ ಬದಲಾವಣೆಗಳಾದಲ್ಲಿ ದಿನಪತ್ರಿಕೆಗಳಲ್ಲಿ ಪ್ರಕಟಿಸಲಾಗುವುದಿಲ್ಲ, ಇ-ಪ್ರಕ್ಯೂರ್‌ಮೆಂಟ್ ಪೋರ್ಟಲ್‌ನಲ್ಲಿ ಸೂಚಿಸಲಾಗುವುದು. ಹೆಚ್ಚಿನ ವಿವರಗಳನ್ನು ಗುತ್ತಿಗೆದಾರರು
https://kppp.karnataka.gov.in/ ಪೋರ್ಟಲ್‌ನಲ್ಲಿ ನೋಡಬಹುದಾಗಿದೆ.
ಸಹಿ/-
ಅಧ್ಯಕ್ಷರು
ಪುರಸಭೆ ಗುಂಡ್ಲುಪೇಟೆ
ಸಂ: ವಾವಾಇಸಂ:ಚಾನಗ:315:2025-26
ಮುಖ್ಯಾಧಿಕಾರಿ,
ಪುರಸಭೆ ಗುಂಡ್ಲುಪೇಟೆ
